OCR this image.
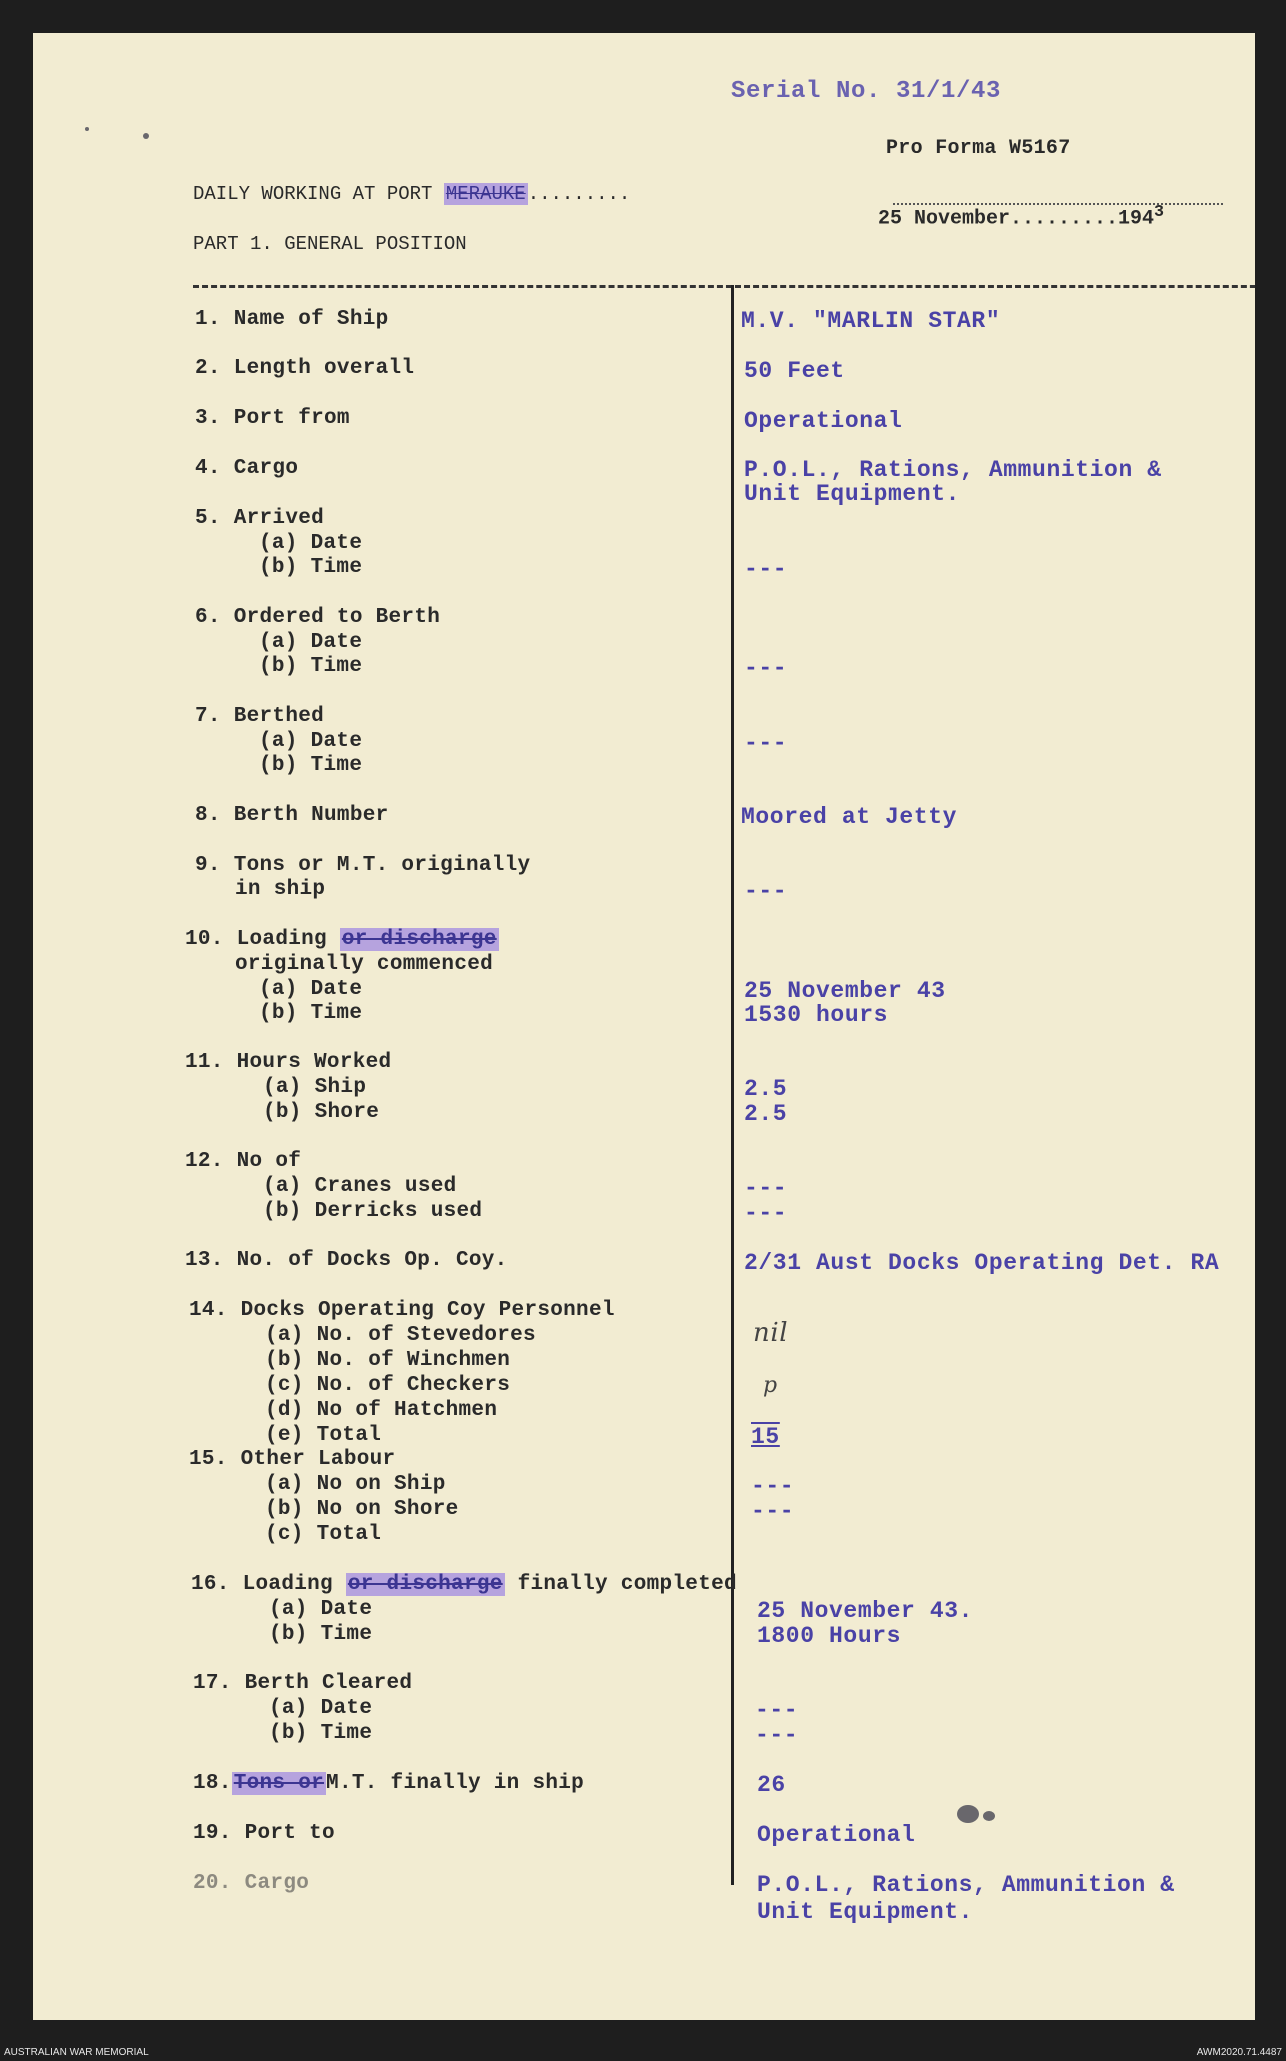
Serial No. 31/1/43
Pro Forma W5167
DAILY WORKING AT PORT MERAUKE .........
25 November.........194$^3$
PART 1. GENERAL POSITION
1. Name of Ship
2. Length overall
3. Port from
4. Cargo
5. Arrived
(a) Date
(b) Time
6. Ordered to Berth
(a) Date
(b) Time
7. Berthed
(a) Date
(b) Time
8. Berth Number
9. Tons or M.T. originally
in ship
10. Loading or discharge
originally commenced
(a) Date
(b) Time
11. Hours Worked
(a) Ship
(b) Shore
12. No of
(a) Cranes used
(b) Derricks used
13. No. of Docks Op. Coy.
14. Docks Operating Coy Personnel
(a) No. of Stevedores
(b) No. of Winchmen
(c) No. of Checkers
(d) No of Hatchmen
(e) Total
15. Other Labour
(a) No on Ship
(b) No on Shore
(c) Total
16. Loading or discharge finally completed
(a) Date
(b) Time
17. Berth Cleared
(a) Date
(b) Time
18.Tons orM.T. finally in ship
19. Port to
20. Cargo
M.V. "MARLIN STAR"
50 Feet
Operational
P.O.L., Rations, Ammunition &
Unit Equipment.
---
---
---
Moored at Jetty
---
25 November 43
1530 hours
2.5
2.5
---
---
2/31 Aust Docks Operating Det. RA
nil
p
15
---
---
25 November 43.
1800 Hours
---
---
26
Operational
P.O.L., Rations, Ammunition &
Unit Equipment.
AUSTRALIAN WAR MEMORIAL	AWM2020.71.4487
